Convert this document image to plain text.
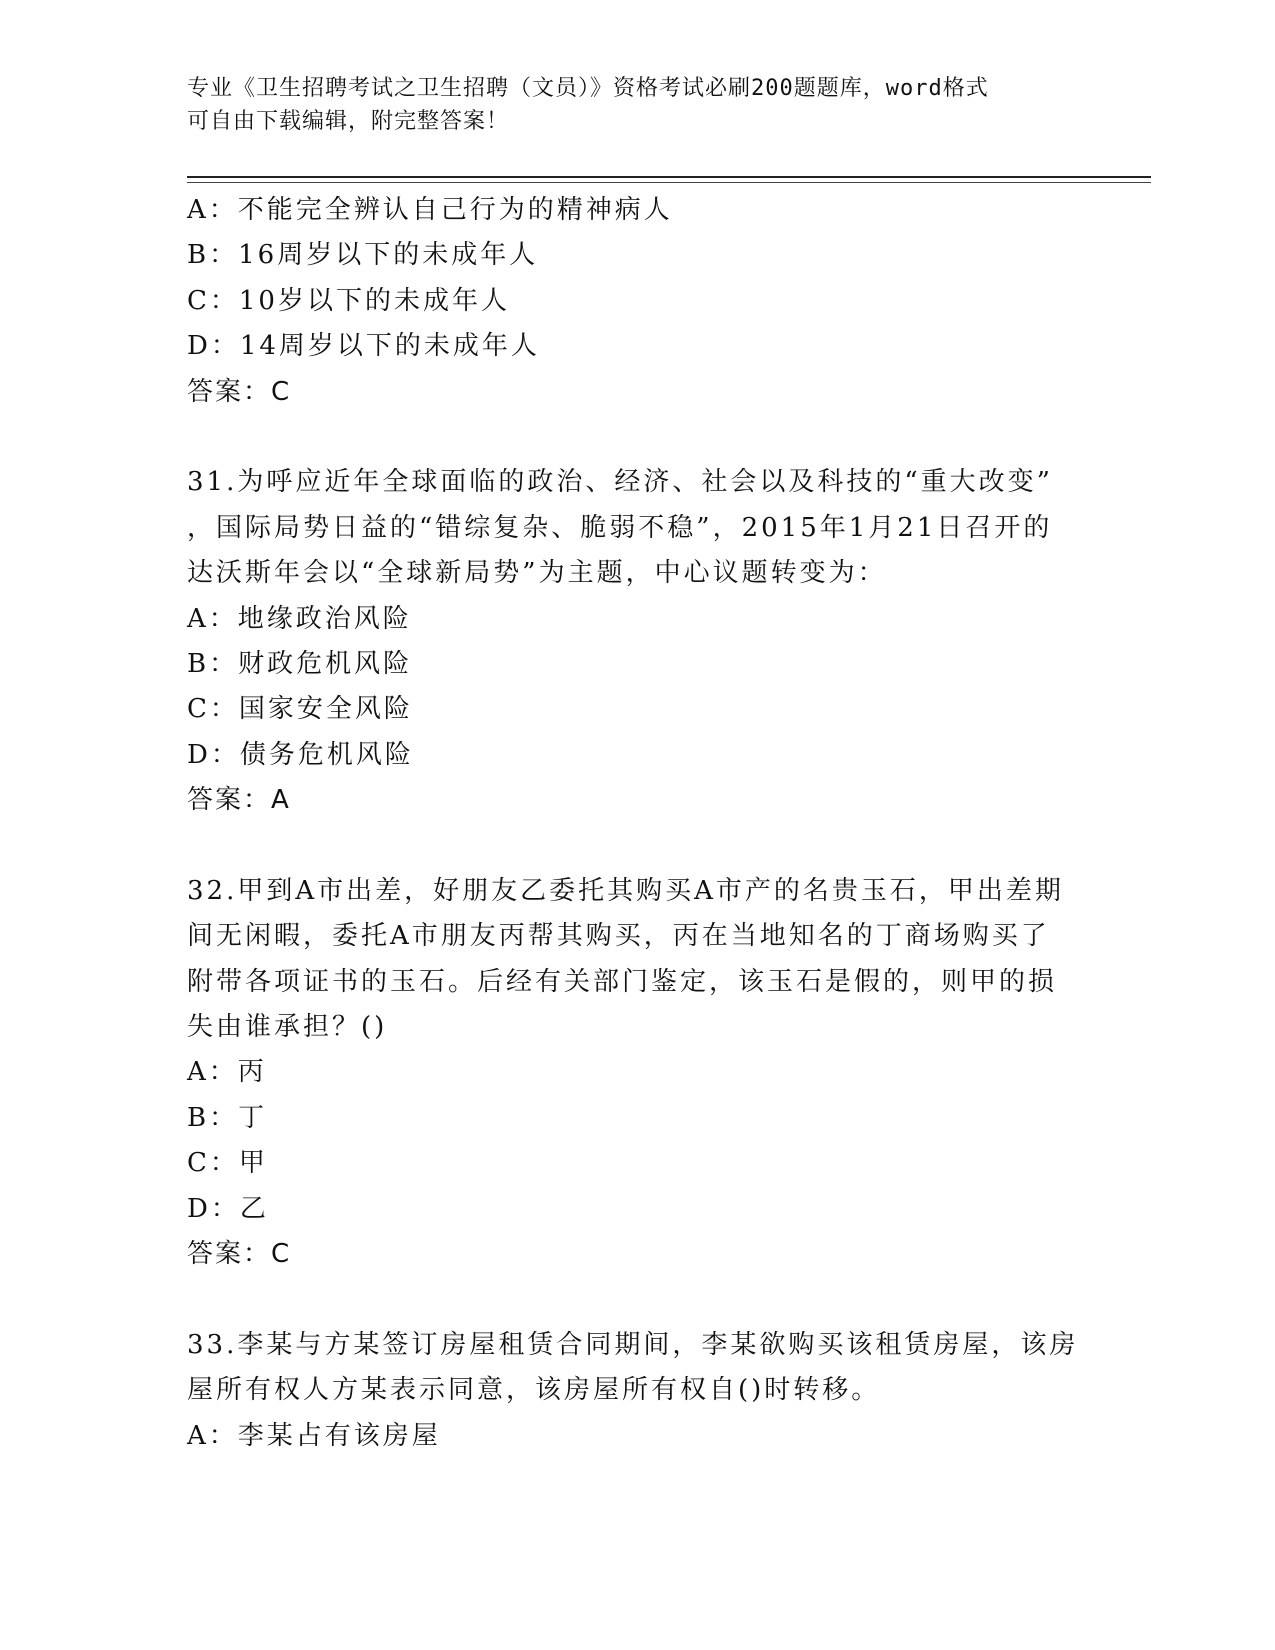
专业《卫生招聘考试之卫生招聘（文员）》资格考试必刷200题题库，word格式
可自由下载编辑，附完整答案！
A：不能完全辨认自己行为的精神病人
B：16周岁以下的未成年人
C：10岁以下的未成年人
D：14周岁以下的未成年人
答案：C
31.为呼应近年全球面临的政治、经济、社会以及科技的“重大改变”
，国际局势日益的“错综复杂、脆弱不稳”，2015年1月21日召开的
达沃斯年会以“全球新局势”为主题，中心议题转变为：
A：地缘政治风险
B：财政危机风险
C：国家安全风险
D：债务危机风险
答案：A
32.甲到A市出差，好朋友乙委托其购买A市产的名贵玉石，甲出差期
间无闲暇，委托A市朋友丙帮其购买，丙在当地知名的丁商场购买了
附带各项证书的玉石。后经有关部门鉴定，该玉石是假的，则甲的损
失由谁承担？()
A：丙
B：丁
C：甲
D：乙
答案：C
33.李某与方某签订房屋租赁合同期间，李某欲购买该租赁房屋，该房
屋所有权人方某表示同意，该房屋所有权自()时转移。
A：李某占有该房屋
